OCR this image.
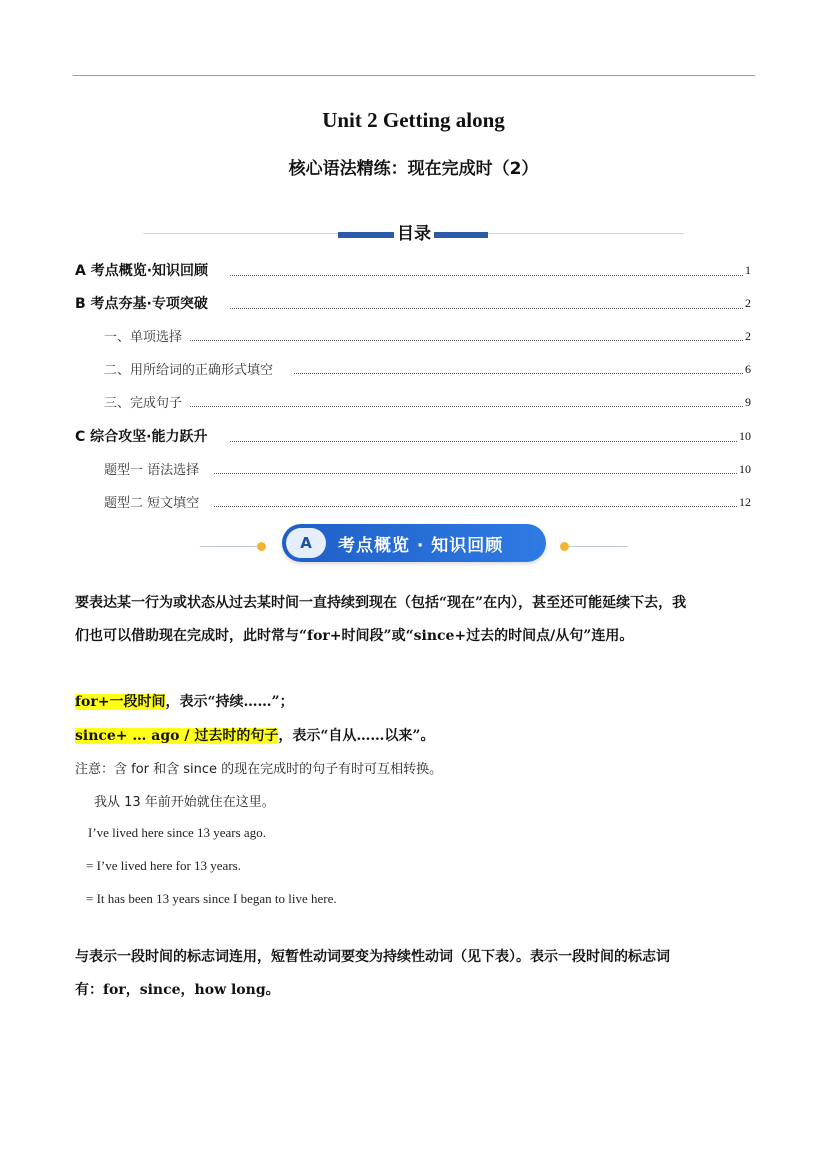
Unit 2 Getting along
核心语法精练：现在完成时（2）
目录
A 考点概览·知识回顾	1
B 考点夯基·专项突破	2
一、单项选择	2
二、用所给词的正确形式填空	6
三、完成句子	9
C 综合攻坚·能力跃升	10
题型一 语法选择	10
题型二 短文填空	12
A	考点概览 · 知识回顾
要表达某一行为或状态从过去某时间一直持续到现在（包括“现在”在内），甚至还可能延续下去，我
们也可以借助现在完成时，此时常与“for+时间段”或“since+过去的时间点/从句”连用。
for+一段时间，表示“持续……”；
since+ … ago / 过去时的句子，表示“自从……以来”。
注意：含 for 和含 since 的现在完成时的句子有时可互相转换。
我从 13 年前开始就住在这里。
I’ve lived here since 13 years ago.
= I’ve lived here for 13 years.
= It has been 13 years since I began to live here.
与表示一段时间的标志词连用，短暂性动词要变为持续性动词（见下表）。表示一段时间的标志词
有：for，since，how long。
